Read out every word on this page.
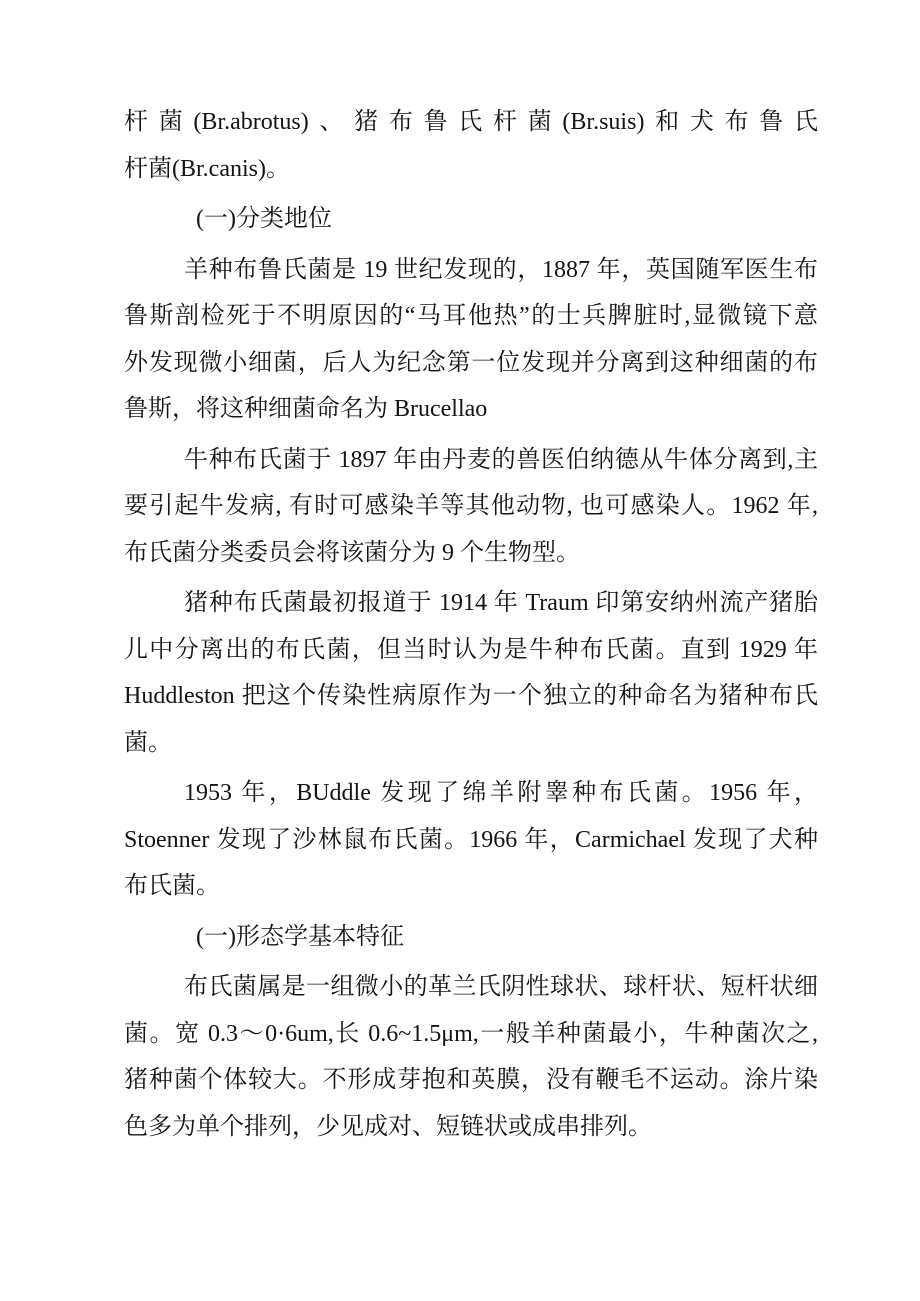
杆菌(Br.abrotus)、猪布鲁氏杆菌(Br.suis)和犬布鲁氏
杆菌(Br.canis)。
(一)分类地位
羊种布鲁氏菌是 19 世纪发现的，1887 年，英国随军医生布
鲁斯剖检死于不明原因的“马耳他热”的士兵脾脏时,显微镜下意
外发现微小细菌，后人为纪念第一位发现并分离到这种细菌的布
鲁斯，将这种细菌命名为 Brucellao
牛种布氏菌于 1897 年由丹麦的兽医伯纳德从牛体分离到,主
要引起牛发病, 有时可感染羊等其他动物, 也可感染人。1962 年,
布氏菌分类委员会将该菌分为 9 个生物型。
猪种布氏菌最初报道于 1914 年 Traum 印第安纳州流产猪胎
儿中分离出的布氏菌，但当时认为是牛种布氏菌。直到 1929 年
Huddleston 把这个传染性病原作为一个独立的种命名为猪种布氏
菌。
1953 年，BUddle 发现了绵羊附睾种布氏菌。1956 年，
Stoenner 发现了沙林鼠布氏菌。1966 年，Carmichael 发现了犬种
布氏菌。
(一)形态学基本特征
布氏菌属是一组微小的革兰氏阴性球状、球杆状、短杆状细
菌。宽 0.3～0·6um,长 0.6~1.5μm,一般羊种菌最小，牛种菌次之,
猪种菌个体较大。不形成芽抱和英膜，没有鞭毛不运动。涂片染
色多为单个排列，少见成对、短链状或成串排列。
